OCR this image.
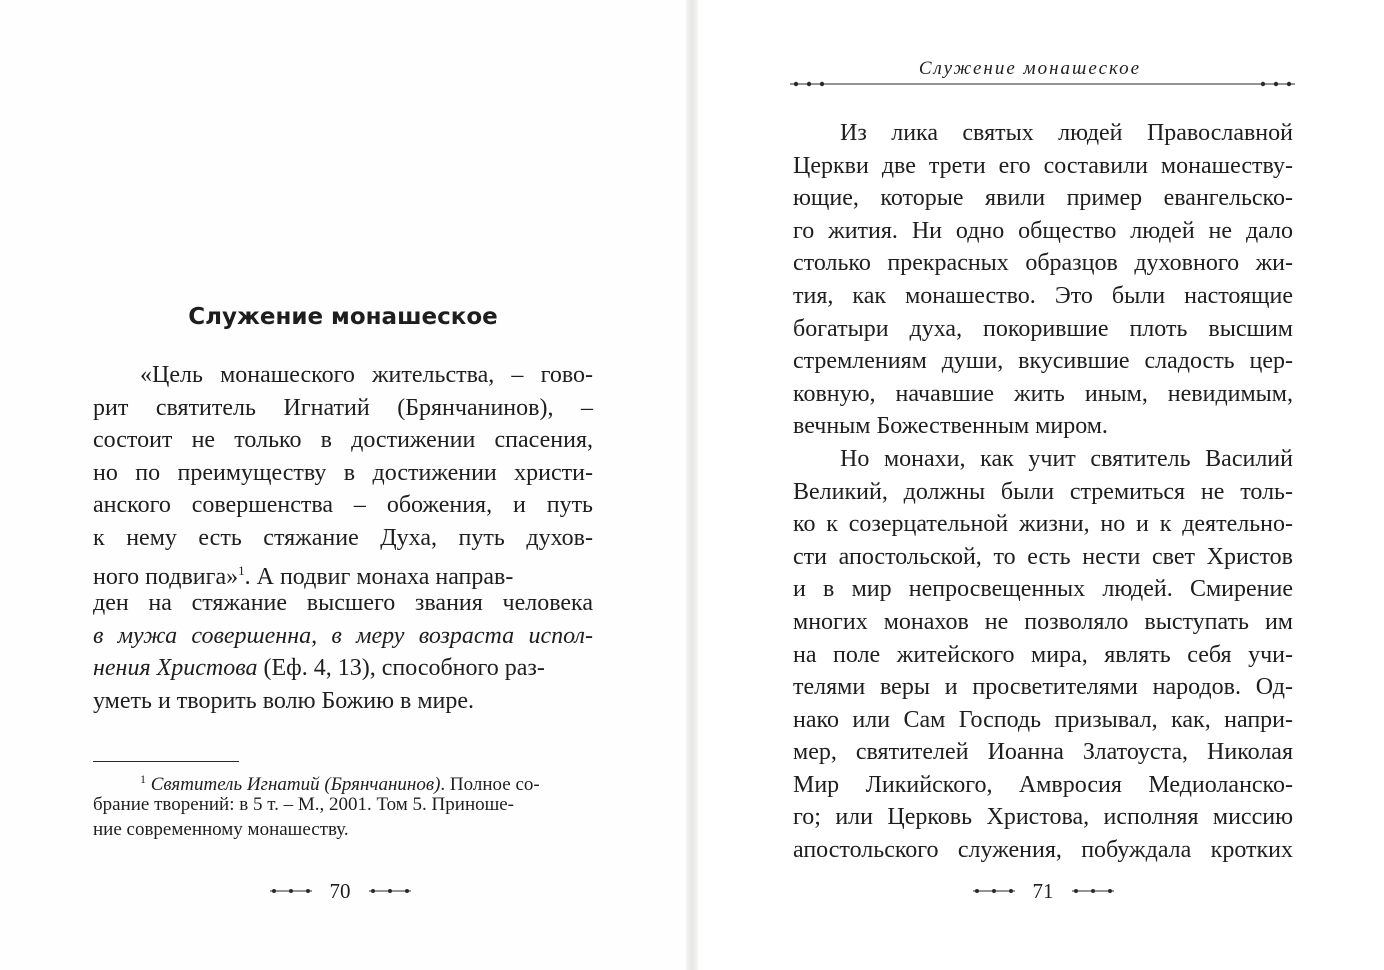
Служение монашеское
Служение монашеское
«Цель монашеского жительства, – гово-
рит святитель Игнатий (Брянчанинов), –
состоит не только в достижении спасения,
но по преимуществу в достижении христи-
анского совершенства – обожения, и путь
к нему есть стяжание Духа, путь духов-
ного подвига»$^1$. А подвиг монаха направ-
ден на стяжание высшего звания человека
в мужа совершенна, в меру возраста испол-
нения Христова (Еф. 4, 13), способного раз-
уметь и творить волю Божию в мире.
$^1$ Святитель Игнатий (Брянчанинов). Полное со-
брание творений: в 5 т. – М., 2001. Том 5. Приноше-
ние современному монашеству.
70
Из лика святых людей Православной
Церкви две трети его составили монашеству-
ющие, которые явили пример евангельско-
го жития. Ни одно общество людей не дало
столько прекрасных образцов духовного жи-
тия, как монашество. Это были настоящие
богатыри духа, покорившие плоть высшим
стремлениям души, вкусившие сладость цер-
ковную, начавшие жить иным, невидимым,
вечным Божественным миром.
Но монахи, как учит святитель Василий
Великий, должны были стремиться не толь-
ко к созерцательной жизни, но и к деятельно-
сти апостольской, то есть нести свет Христов
и в мир непросвещенных людей. Смирение
многих монахов не позволяло выступать им
на поле житейского мира, являть себя учи-
телями веры и просветителями народов. Од-
нако или Сам Господь призывал, как, напри-
мер, святителей Иоанна Златоуста, Николая
Мир Ликийского, Амвросия Медиоланско-
го; или Церковь Христова, исполняя миссию
апостольского служения, побуждала кротких
71
